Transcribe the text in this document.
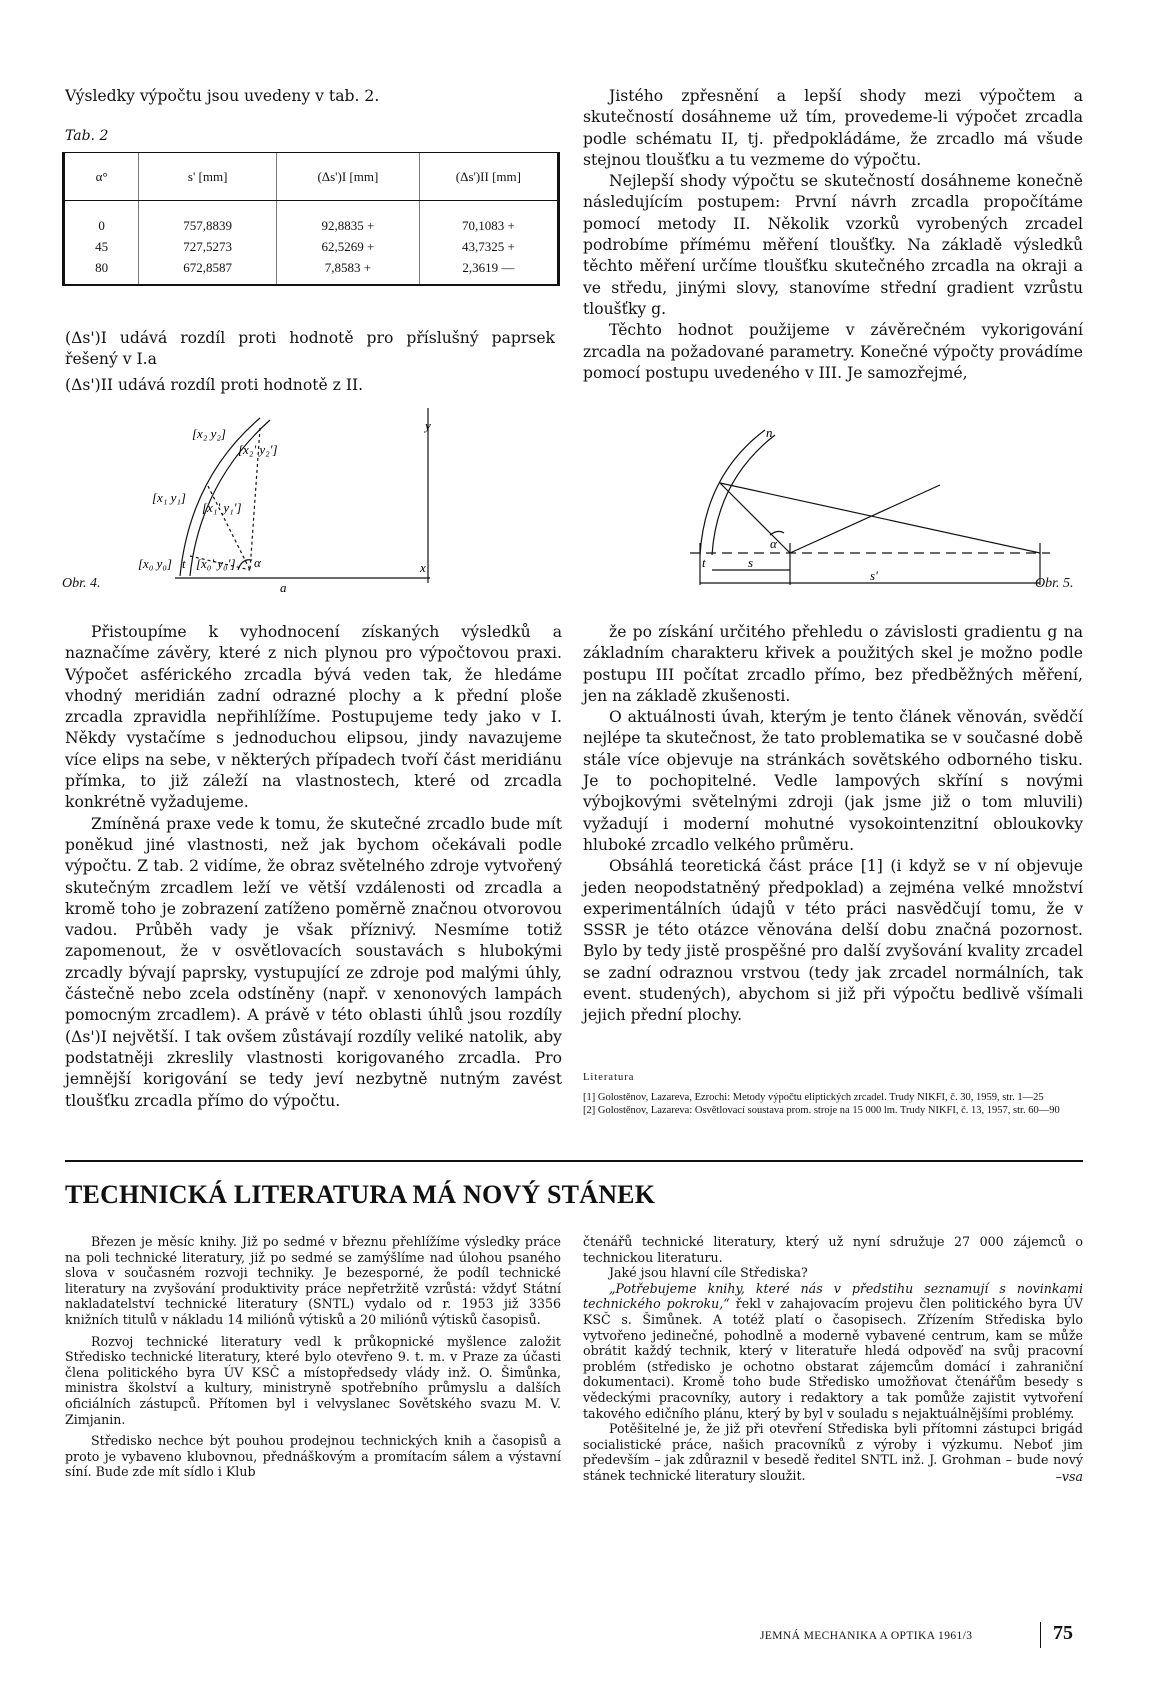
Výsledky výpočtu jsou uvedeny v tab. 2.
Tab. 2
α°	s' [mm]	(Δs')I [mm]	(Δs')II [mm]
0	757,8839	92,8835 +	70,1083 +
45	727,5273	62,5269 +	43,7325 +
80	672,8587	7,8583 +	2,3619 —
(Δs')I udává rozdíl proti hodnotě pro příslušný paprsek řešený v I.a
(Δs')II udává rozdíl proti hodnotě z II.
y
x
a
α
[x₀ y₀] t [x₀' y₀']
[x₁ y₁]
[x₁' y₁']
[x₂ y₂]
[x₂' y₂']
Obr. 4.

Jistého zpřesnění a lepší shody mezi výpočtem a skutečností dosáhneme už tím, provedeme-li výpočet zrcadla podle schématu II, tj. předpokládáme, že zrcadlo má všude stejnou tloušťku a tu vezmeme do výpočtu.

Nejlepší shody výpočtu se skutečností dosáhneme konečně následujícím postupem: První návrh zrcadla propočítáme pomocí metody II. Několik vzorků vyrobených zrcadel podrobíme přímému měření tloušťky. Na základě výsledků těchto měření určíme tloušťku skutečného zrcadla na okraji a ve středu, jinými slovy, stanovíme střední gradient vzrůstu tloušťky g.

Těchto hodnot použijeme v závěrečném vykorigování zrcadla na požadované parametry. Konečné výpočty provádíme pomocí postupu uvedeného v III. Je samozřejmé,

n
α
t	s
s'
Obr. 5.

Přistoupíme k vyhodnocení získaných výsledků a naznačíme závěry, které z nich plynou pro výpočtovou praxi. Výpočet asférického zrcadla bývá veden tak, že hledáme vhodný meridián zadní odrazné plochy a k přední ploše zrcadla zpravidla nepřihlížíme. Postupujeme tedy jako v I. Někdy vystačíme s jednoduchou elipsou, jindy navazujeme více elips na sebe, v některých případech tvoří část meridiánu přímka, to již záleží na vlastnostech, které od zrcadla konkrétně vyžadujeme.

Zmíněná praxe vede k tomu, že skutečné zrcadlo bude mít poněkud jiné vlastnosti, než jak bychom očekávali podle výpočtu. Z tab. 2 vidíme, že obraz světelného zdroje vytvořený skutečným zrcadlem leží ve větší vzdálenosti od zrcadla a kromě toho je zobrazení zatíženo poměrně značnou otvorovou vadou. Průběh vady je však příznivý. Nesmíme totiž zapomenout, že v osvětlovacích soustavách s hlubokými zrcadly bývají paprsky, vystupující ze zdroje pod malými úhly, částečně nebo zcela odstíněny (např. v xenonových lampách pomocným zrcadlem). A právě v této oblasti úhlů jsou rozdíly (Δs')I největší. I tak ovšem zůstávají rozdíly veliké natolik, aby podstatněji zkreslily vlastnosti korigovaného zrcadla. Pro jemnější korigování se tedy jeví nezbytně nutným zavést tloušťku zrcadla přímo do výpočtu.

že po získání určitého přehledu o závislosti gradientu g na základním charakteru křivek a použitých skel je možno podle postupu III počítat zrcadlo přímo, bez předběžných měření, jen na základě zkušenosti.

O aktuálnosti úvah, kterým je tento článek věnován, svědčí nejlépe ta skutečnost, že tato problematika se v současné době stále více objevuje na stránkách sovětského odborného tisku. Je to pochopitelné. Vedle lampových skříní s novými výbojkovými světelnými zdroji (jak jsme již o tom mluvili) vyžadují i moderní mohutné vysokointenzitní obloukovky hluboké zrcadlo velkého průměru.

Obsáhlá teoretická část práce [1] (i když se v ní objevuje jeden neopodstatněný předpoklad) a zejména velké množství experimentálních údajů v této práci nasvědčují tomu, že v SSSR je této otázce věnována delší dobu značná pozornost. Bylo by tedy jistě prospěšné pro další zvyšování kvality zrcadel se zadní odraznou vrstvou (tedy jak zrcadel normálních, tak event. studených), abychom si již při výpočtu bedlivě všímali jejich přední plochy.

Literatura
[1] Golostěnov, Lazareva, Ezrochi: Metody výpočtu eliptických zrcadel. Trudy NIKFI, č. 30, 1959, str. 1—25
[2] Golostěnov, Lazareva: Osvětlovací soustava prom. stroje na 15 000 lm. Trudy NIKFI, č. 13, 1957, str. 60—90
TECHNICKÁ LITERATURA MÁ NOVÝ STÁNEK

Březen je měsíc knihy. Již po sedmé v březnu přehlížíme výsledky práce na poli technické literatury, již po sedmé se zamýšlíme nad úlohou psaného slova v současném rozvoji techniky. Je bezesporné, že podíl technické literatury na zvyšování produktivity práce nepřetržitě vzrůstá: vždyť Státní nakladatelství technické literatury (SNTL) vydalo od r. 1953 již 3356 knižních titulů v nákladu 14 miliónů výtisků a 20 miliónů výtisků časopisů.

Rozvoj technické literatury vedl k průkopnické myšlence založit Středisko technické literatury, které bylo otevřeno 9. t. m. v Praze za účasti člena politického byra ÚV KSČ a místopředsedy vlády inž. O. Šimůnka, ministra školství a kultury, ministryně spotřebního průmyslu a dalších oficiálních zástupců. Přítomen byl i velvyslanec Sovětského svazu M. V. Zimjanin.

Středisko nechce být pouhou prodejnou technických knih a časopisů a proto je vybaveno klubovnou, přednáškovým a promítacím sálem a výstavní síní. Bude zde mít sídlo i Klub

čtenářů technické literatury, který už nyní sdružuje 27 000 zájemců o technickou literaturu.

Jaké jsou hlavní cíle Střediska?

„Potřebujeme knihy, které nás v předstihu seznamují s novinkami technického pokroku,“ řekl v zahajovacím projevu člen politického byra ÚV KSČ s. Šimůnek. A totéž platí o časopisech. Zřízením Střediska bylo vytvořeno jedinečné, pohodlně a moderně vybavené centrum, kam se může obrátit každý technik, který v literatuře hledá odpověď na svůj pracovní problém (středisko je ochotno obstarat zájemcům domácí i zahraniční dokumentaci). Kromě toho bude Středisko umožňovat čtenářům besedy s vědeckými pracovníky, autory i redaktory a tak pomůže zajistit vytvoření takového edičního plánu, který by byl v souladu s nejaktuálnějšími problémy.

Potěšitelné je, že již při otevření Střediska byli přítomni zástupci brigád socialistické práce, našich pracovníků z výroby i výzkumu. Neboť jim především – jak zdůraznil v besedě ředitel SNTL inž. J. Grohman – bude nový stánek technické literatury sloužit.	–vsa
JEMNÁ MECHANIKA A OPTIKA 1961/3	75
